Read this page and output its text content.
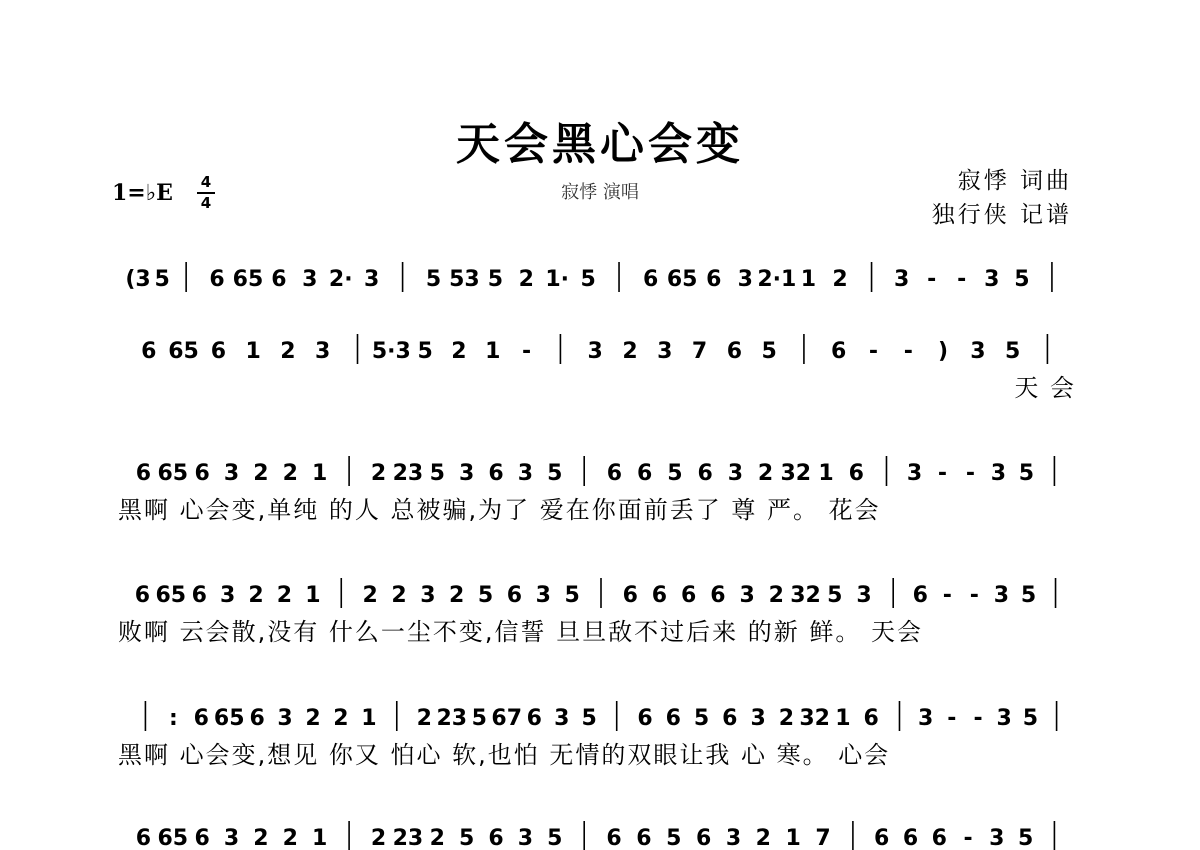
天会黑心会变
寂悸 演唱	寂悸 词曲
独行侠 记谱
1=♭E 4
4
(3 5 6 65 6 3 2· 3 5 53 5 2 1· 5 6 65 6 3 2·1 1 2 3 - - 3 5
6 65 6 1 2 3 5·3 5 2 1 -	3 2 3 7 6 5 6 - - ) 3 5
天 会
6 65 6 3 2 2 1 2 23 5 3 6 3 5 6 6 5 6 3 2 32 1 6 3 - - 3 5
黑啊 心会变,单纯 的人 总被骗,为了 爱在你面前丢了 尊 严。 花会
6 65 6 3 2 2 1 2 2 3 2 5 6 3 5 6 6 6 6 3 2 32 5 3 6 - - 3 5
败啊 云会散,没有 什么一尘不变,信誓 旦旦敌不过后来 的新 鲜。 天会
: 6 65 6 3 2 2 1 2 23 5 67 6 3 5 6 6 5 6 3 2 32 1 6 3 - - 3 5
黑啊 心会变,想见 你又 怕心 软,也怕 无情的双眼让我 心 寒。 心会
6 65 6 3 2 2 1 2 23 2 5 6 3 5 6 6 5 6 3 2 1 7 6 6 6 - 3 5
